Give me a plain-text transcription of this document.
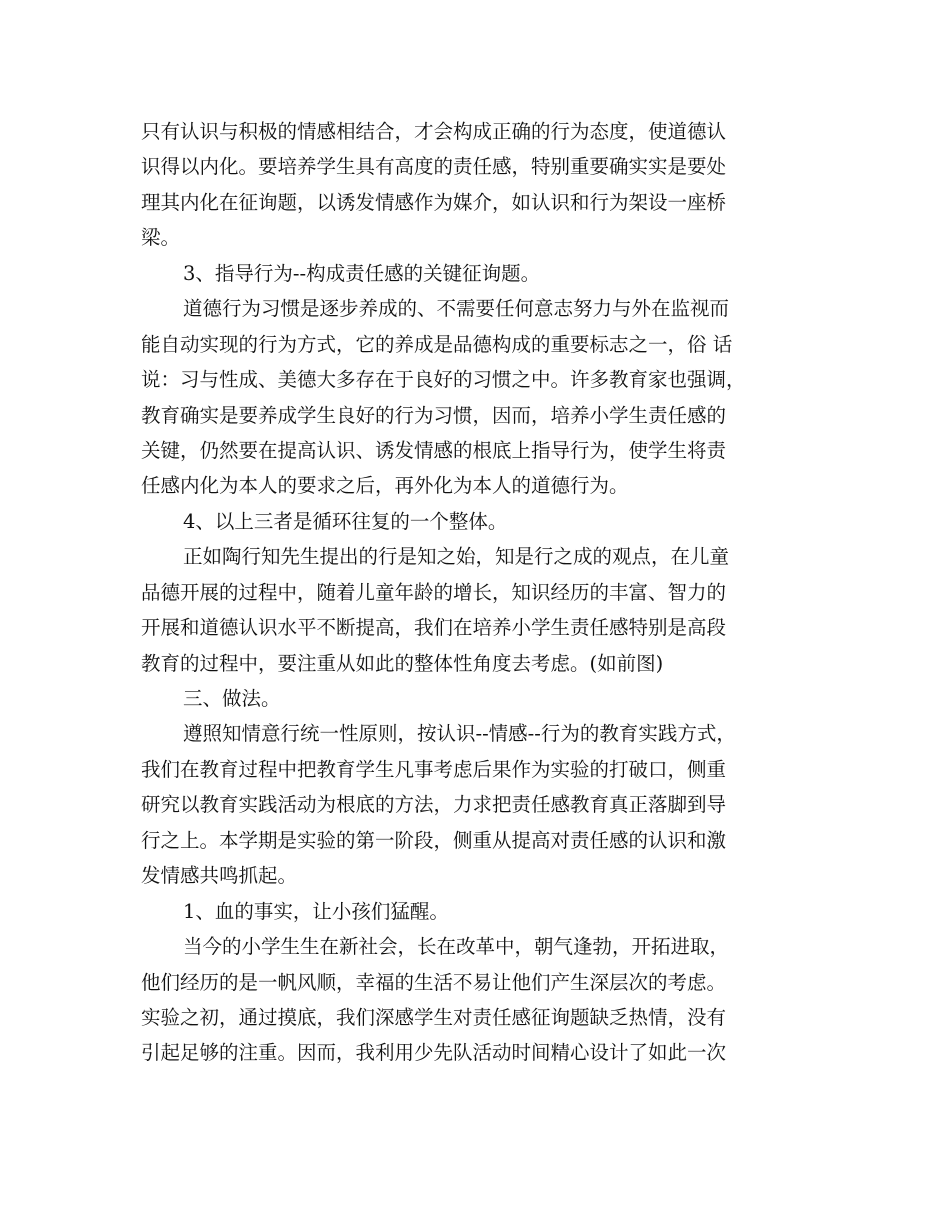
只有认识与积极的情感相结合，才会构成正确的行为态度，使道德认
识得以内化。要培养学生具有高度的责任感，特别重要确实实是要处
理其内化在征询题，以诱发情感作为媒介，如认识和行为架设一座桥
梁。
3、指导行为--构成责任感的关键征询题。
道德行为习惯是逐步养成的、不需要任何意志努力与外在监视而
能自动实现的行为方式，它的养成是品德构成的重要标志之一，俗 话
说：习与性成、美德大多存在于良好的习惯之中。许多教育家也强调，
教育确实是要养成学生良好的行为习惯，因而，培养小学生责任感的
关键，仍然要在提高认识、诱发情感的根底上指导行为，使学生将责
任感内化为本人的要求之后，再外化为本人的道德行为。
4、以上三者是循环往复的一个整体。
正如陶行知先生提出的行是知之始，知是行之成的观点，在儿童
品德开展的过程中，随着儿童年龄的增长，知识经历的丰富、智力的
开展和道德认识水平不断提高，我们在培养小学生责任感特别是高段
教育的过程中，要注重从如此的整体性角度去考虑。(如前图)
三、做法。
遵照知情意行统一性原则，按认识--情感--行为的教育实践方式，
我们在教育过程中把教育学生凡事考虑后果作为实验的打破口，侧重
研究以教育实践活动为根底的方法，力求把责任感教育真正落脚到导
行之上。本学期是实验的第一阶段，侧重从提高对责任感的认识和激
发情感共鸣抓起。
1、血的事实，让小孩们猛醒。
当今的小学生生在新社会，长在改革中，朝气逢勃，开拓进取，
他们经历的是一帆风顺，幸福的生活不易让他们产生深层次的考虑。
实验之初，通过摸底，我们深感学生对责任感征询题缺乏热情，没有
引起足够的注重。因而，我利用少先队活动时间精心设计了如此一次
